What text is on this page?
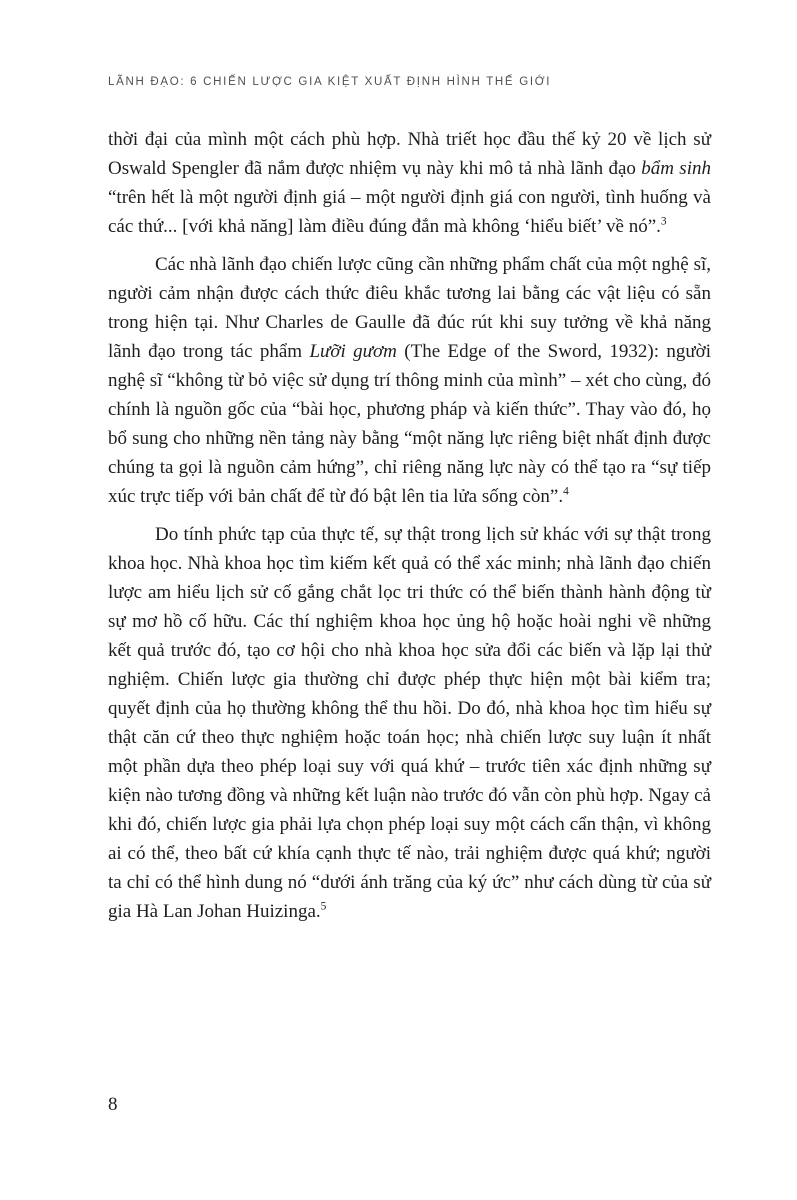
LÃNH ĐẠO: 6 CHIẾN LƯỢC GIA KIỆT XUẤT ĐỊNH HÌNH THẾ GIỚI

thời đại của mình một cách phù hợp. Nhà triết học đầu thế kỷ 20 về lịch sử Oswald Spengler đã nắm được nhiệm vụ này khi mô tả nhà lãnh đạo bẩm sinh “trên hết là một người định giá – một người định giá con người, tình huống và các thứ... [với khả năng] làm điều đúng đắn mà không ‘hiểu biết’ về nó”.$^3$

Các nhà lãnh đạo chiến lược cũng cần những phẩm chất của một nghệ sĩ, người cảm nhận được cách thức điêu khắc tương lai bằng các vật liệu có sẵn trong hiện tại. Như Charles de Gaulle đã đúc rút khi suy tưởng về khả năng lãnh đạo trong tác phẩm Lưỡi gươm (The Edge of the Sword, 1932): người nghệ sĩ “không từ bỏ việc sử dụng trí thông minh của mình” – xét cho cùng, đó chính là nguồn gốc của “bài học, phương pháp và kiến thức”. Thay vào đó, họ bổ sung cho những nền tảng này bằng “một năng lực riêng biệt nhất định được chúng ta gọi là nguồn cảm hứng”, chỉ riêng năng lực này có thể tạo ra “sự tiếp xúc trực tiếp với bản chất để từ đó bật lên tia lửa sống còn”.$^4$

Do tính phức tạp của thực tế, sự thật trong lịch sử khác với sự thật trong khoa học. Nhà khoa học tìm kiếm kết quả có thể xác minh; nhà lãnh đạo chiến lược am hiểu lịch sử cố gắng chắt lọc tri thức có thể biến thành hành động từ sự mơ hồ cố hữu. Các thí nghiệm khoa học ủng hộ hoặc hoài nghi về những kết quả trước đó, tạo cơ hội cho nhà khoa học sửa đổi các biến và lặp lại thử nghiệm. Chiến lược gia thường chỉ được phép thực hiện một bài kiểm tra; quyết định của họ thường không thể thu hồi. Do đó, nhà khoa học tìm hiểu sự thật căn cứ theo thực nghiệm hoặc toán học; nhà chiến lược suy luận ít nhất một phần dựa theo phép loại suy với quá khứ – trước tiên xác định những sự kiện nào tương đồng và những kết luận nào trước đó vẫn còn phù hợp. Ngay cả khi đó, chiến lược gia phải lựa chọn phép loại suy một cách cẩn thận, vì không ai có thể, theo bất cứ khía cạnh thực tế nào, trải nghiệm được quá khứ; người ta chỉ có thể hình dung nó “dưới ánh trăng của ký ức” như cách dùng từ của sử gia Hà Lan Johan Huizinga.$^5$

8
